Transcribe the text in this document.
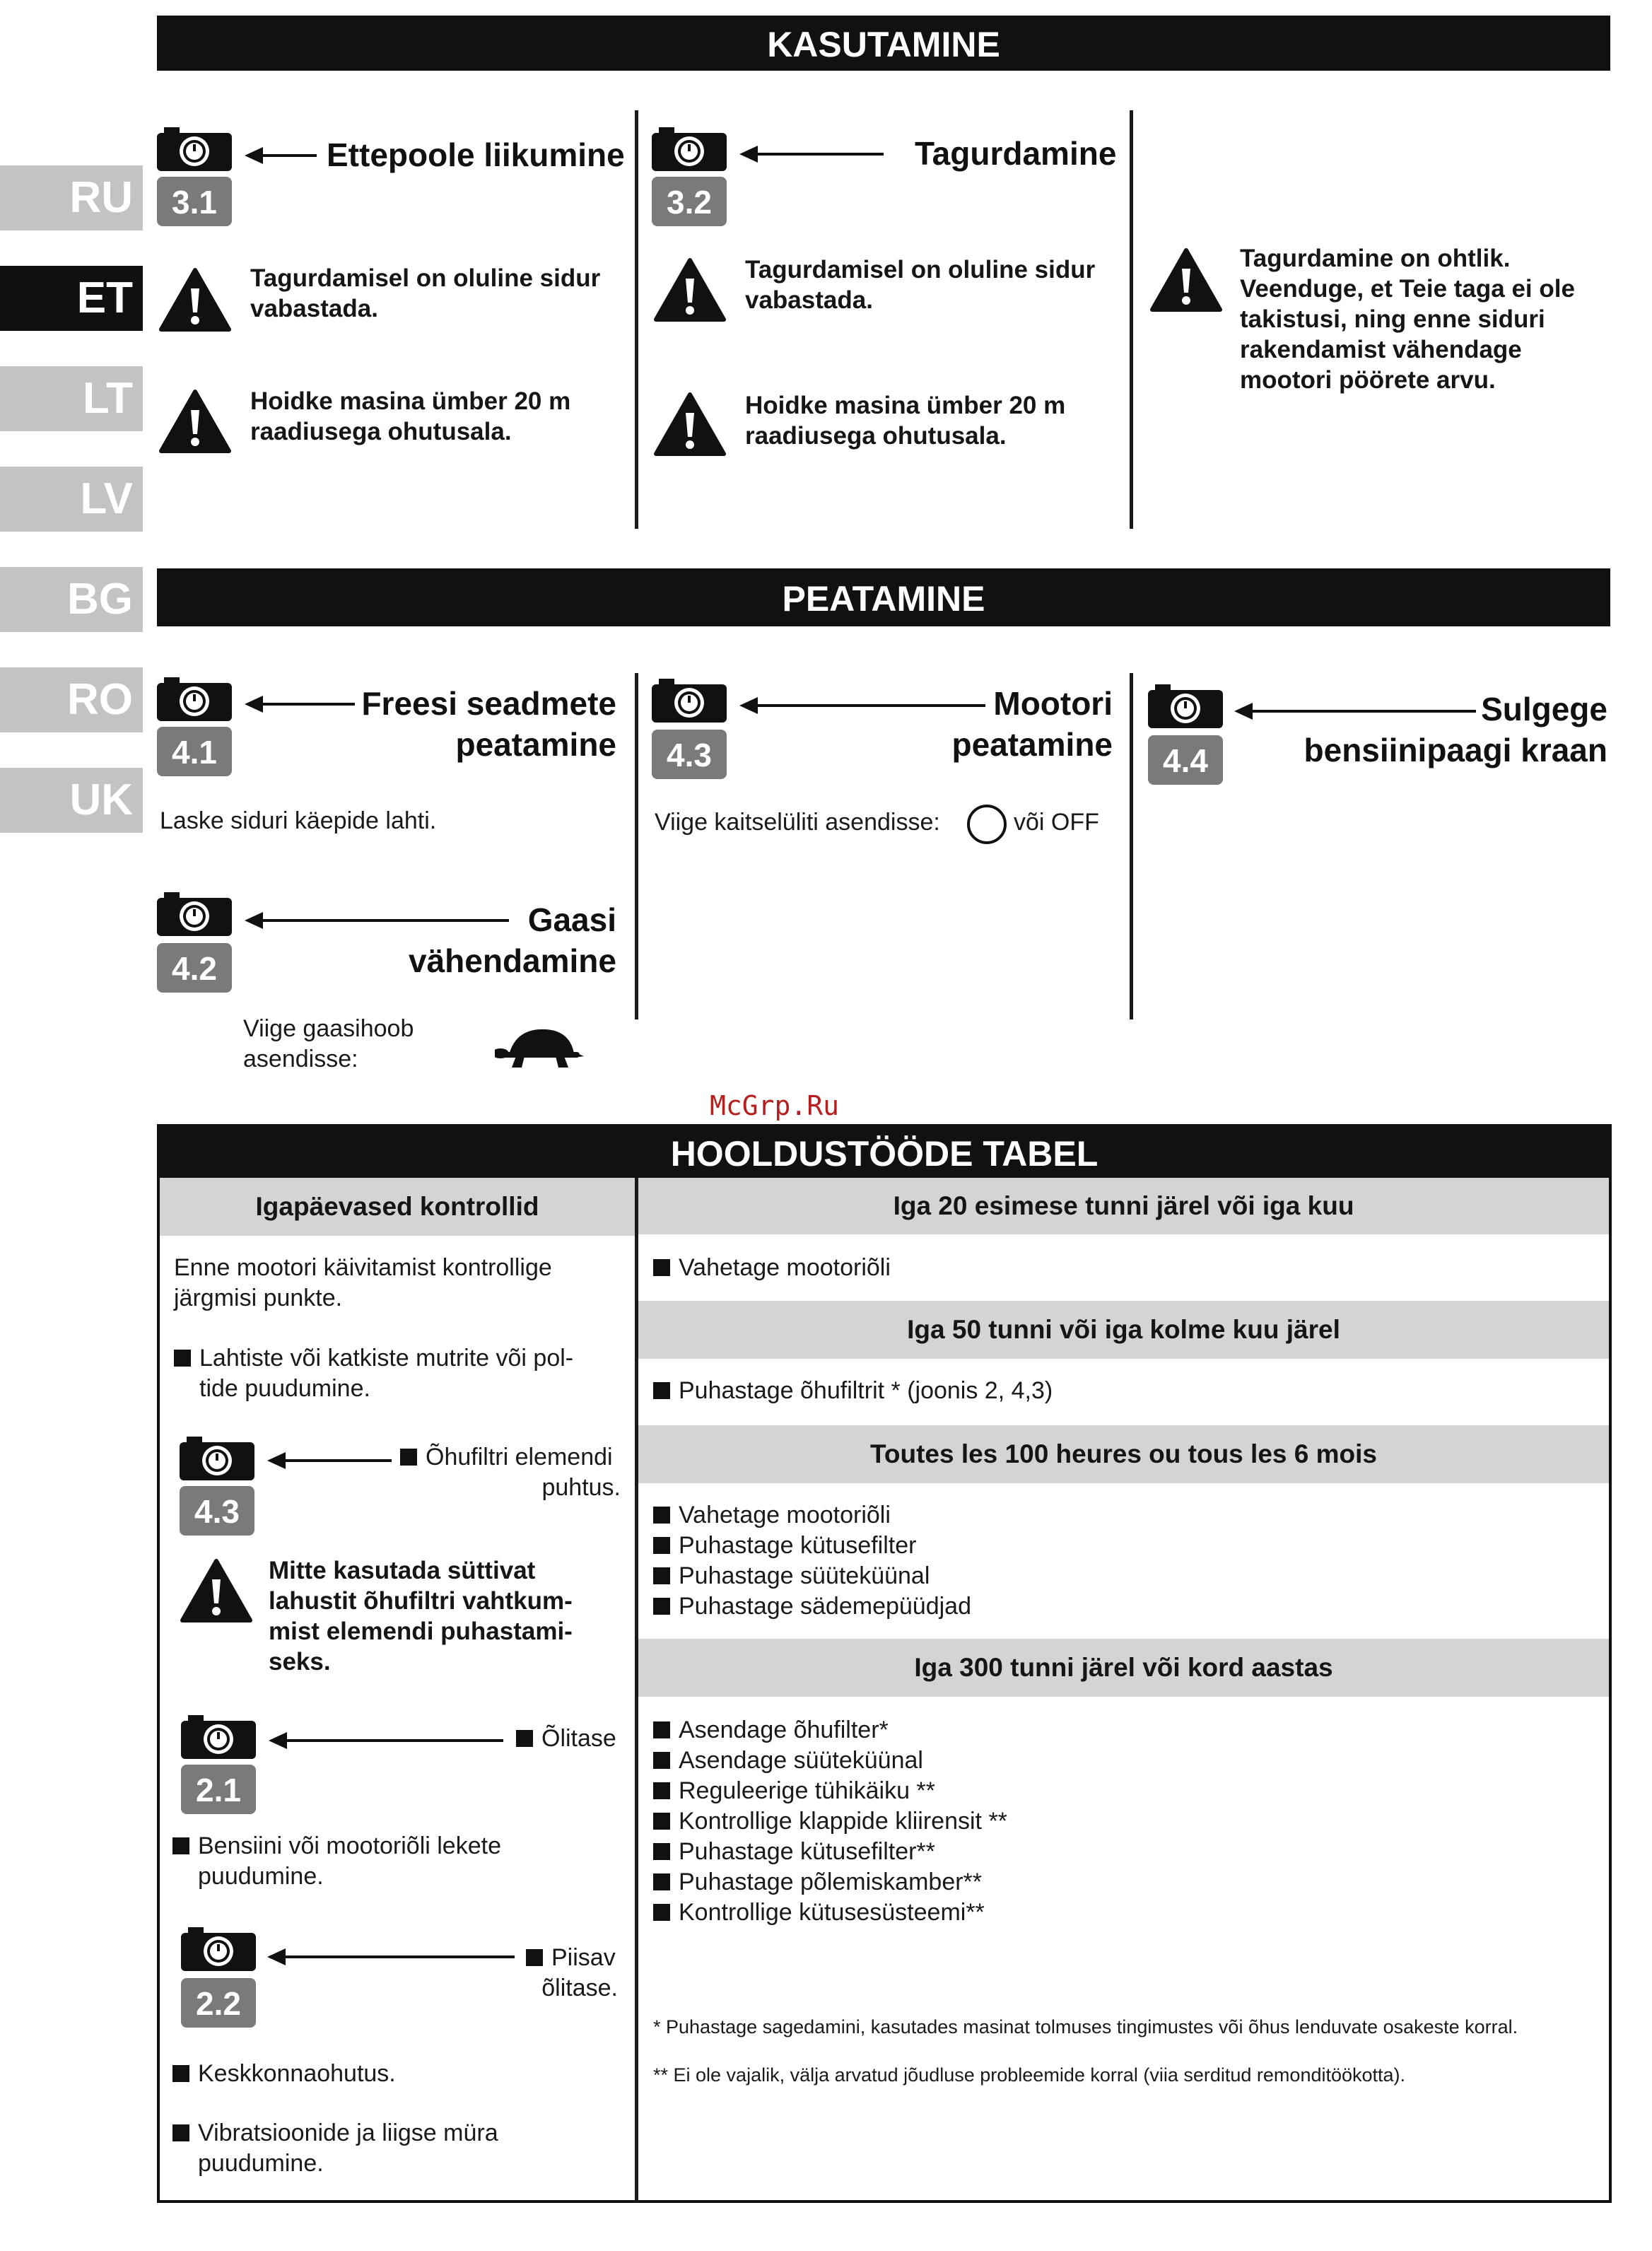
RU
ET
LT
LV
BG
RO
UK
KASUTAMINE
3.1
Ettepoole liikumine
Tagurdamisel on oluline sidur vabastada.
Hoidke masina ümber 20 m raadiusega ohutusala.
3.2
Tagurdamine
Tagurdamisel on oluline sidur vabastada.
Hoidke masina ümber 20 m raadiusega ohutusala.
Tagurdamine on ohtlik. Veenduge, et Teie taga ei ole takistusi, ning enne siduri rakendamist vähendage mootori pöörete arvu.
PEATAMINE
4.1
Freesi seadmete
peatamine
Laske siduri käepide lahti.
4.2
Gaasi
vähendamine
Viige gaasihoob
asendisse:
4.3
Mootori
peatamine
Viige kaitselüliti asendisse:	või OFF
4.4
Sulgege
bensiinipaagi kraan
McGrp.Ru
HOOLDUSTÖÖDE TABEL
Igapäevased kontrollid
Enne mootori käivitamist kontrollige
järgmisi punkte.
Lahtiste või katkiste mutrite või pol-
tide puudumine.
4.3
Õhufiltri elemendi
puhtus.
Mitte kasutada süttivat
lahustit õhufiltri vahtkum-
mist elemendi puhastami-
seks.
2.1
Õlitase
Bensiini või mootoriõli lekete
puudumine.
2.2
Piisav
õlitase.
Keskkonnaohutus.
Vibratsioonide ja liigse müra
puudumine.
Iga 20 esimese tunni järel või iga kuu
Vahetage mootoriõli
Iga 50 tunni või iga kolme kuu järel
Puhastage õhufiltrit * (joonis 2, 4,3)
Toutes les 100 heures ou tous les 6 mois
Vahetage mootoriõli
Puhastage kütusefilter
Puhastage süüteküünal
Puhastage sädemepüüdjad
Iga 300 tunni järel või kord aastas
Asendage õhufilter*
Asendage süüteküünal
Reguleerige tühikäiku **
Kontrollige klappide kliirensit **
Puhastage kütusefilter**
Puhastage põlemiskamber**
Kontrollige kütusesüsteemi**
* Puhastage sagedamini, kasutades masinat tolmuses tingimustes või õhus lenduvate osakeste korral.
** Ei ole vajalik, välja arvatud jõudluse probleemide korral (viia serditud remonditöökotta).
